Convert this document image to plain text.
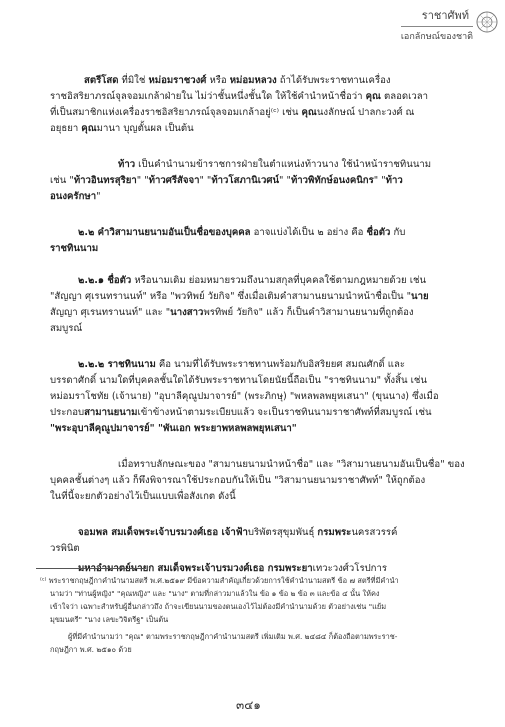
ราชาศัพท์
เอกลักษณ์ของชาติ
สตรีโสด ที่มิใช่ หม่อมราชวงศ์ หรือ หม่อมหลวง ถ้าได้รับพระราชทานเครื่อง
ราชอิสริยาภรณ์จุลจอมเกล้าฝ่ายใน ไม่ว่าชั้นหนึ่งชั้นใด ให้ใช้คำนำหน้าชื่อว่า คุณ ตลอดเวลา
ที่เป็นสมาชิกแห่งเครื่องราชอิสริยาภรณ์จุลจอมเกล้าอยู่⁽ᶜ⁾ เช่น คุณนงลักษณ์ ปาลกะวงศ์ ณ
อยุธยา คุณมานา บุญตั้นผล เป็นต้น
ท้าว เป็นคำนำนามข้าราชการฝ่ายในตำแหน่งท้าวนาง ใช้นำหน้าราชทินนาม
เช่น "ท้าวอินทรสุริยา" "ท้าวศรีสัจจา" "ท้าวโสภานิเวศน์" "ท้าวพิทักษ์อนงคนิกร" "ท้าว
อนงครักษา"
๒.๒ คำวิสามานยนามอันเป็นชื่อของบุคคล อาจแบ่งได้เป็น ๒ อย่าง คือ ชื่อตัว กับ
ราชทินนาม
๒.๒.๑ ชื่อตัว หรือนามเดิม ย่อมหมายรวมถึงนามสกุลที่บุคคลใช้ตามกฎหมายด้วย เช่น
"สัญญา ศุเรนทรานนท์" หรือ "พวทิพย์ วัยกิจ" ซึ่งเมื่อเติมคำสามานยนามนำหน้าชื่อเป็น "นาย
สัญญา ศุเรนทรานนท์" และ "นางสาวพรทิพย์ วัยกิจ" แล้ว ก็เป็นคำวิสามานยนามที่ถูกต้อง
สมบูรณ์
๒.๒.๒ ราชทินนาม คือ นามที่ได้รับพระราชทานพร้อมกับอิสริยยศ สมณศักดิ์ และ
บรรดาศักดิ์ นามใดที่บุคคลชั้นใดได้รับพระราชทานโดยนัยนี้ถือเป็น "ราชทินนาม" ทั้งสิ้น เช่น
หม่อมราโชทัย (เจ้านาย) "อุบาลีคุณูปมาจารย์" (พระภิกษุ) "พหลพลพยุหเสนา" (ขุนนาง) ซึ่งเมื่อ
ประกอบสามานยนามเข้าข้างหน้าตามระเบียบแล้ว จะเป็นราชทินนามราชาศัพท์ที่สมบูรณ์ เช่น
"พระอุบาลีคุณูปมาจารย์" "พันเอก พระยาพหลพลพยุหเสนา"
เมื่อทราบลักษณะของ "สามานยนามนำหน้าชื่อ" และ "วิสามานยนามอันเป็นชื่อ" ของ
บุคคลชั้นต่างๆ แล้ว ก็พึงพิจารณาใช้ประกอบกันให้เป็น "วิสามานยนามราชาศัพท์" ให้ถูกต้อง
ในที่นี้จะยกตัวอย่างไว้เป็นแบบเพื่อสังเกต ดังนี้
จอมพล สมเด็จพระเจ้าบรมวงศ์เธอ เจ้าฟ้าบริพัตรสุขุมพันธุ์ กรมพระนครสวรรค์
วรพินิต
มหาอำมาตย์นายก สมเด็จพระเจ้าบรมวงศ์เธอ กรมพระยาเทวะวงศ์วโรปการ
⁽ᶜ⁾ พระราชกฤษฎีกาคำนำนามสตรี พ.ศ.๒๕๑๙ มีข้อความสำคัญเกี่ยวด้วยการใช้คำนำนามสตรี ข้อ ๗ สตรีที่มีคำนำ
นามว่า "ท่านผู้หญิง" "คุณหญิง" และ "นาง" ตามที่กล่าวมาแล้วใน ข้อ ๑ ข้อ ๒ ข้อ ๓ และข้อ ๔ นั้น ให้คง
เข้าใจว่า เฉพาะสำหรับผู้อื่นกล่าวถึง ถ้าจะเขียนนามของตนเองไว้ไม่ต้องมีคำนำนามด้วย ตัวอย่างเช่น "แย้ม
มุขมนตรี" "นาง เลขะวิจิตรีฐ" เป็นต้น
ผู้ที่มีคำนำนามว่า "คุณ" ตามพระราชกฤษฎีกาคำนำนามสตรี เพิ่มเติม พ.ศ. ๒๔๘๔ ก็ต้องถือตามพระราช-
กฤษฎีกา พ.ศ. ๒๕๑๐ ด้วย
๓๔๑
